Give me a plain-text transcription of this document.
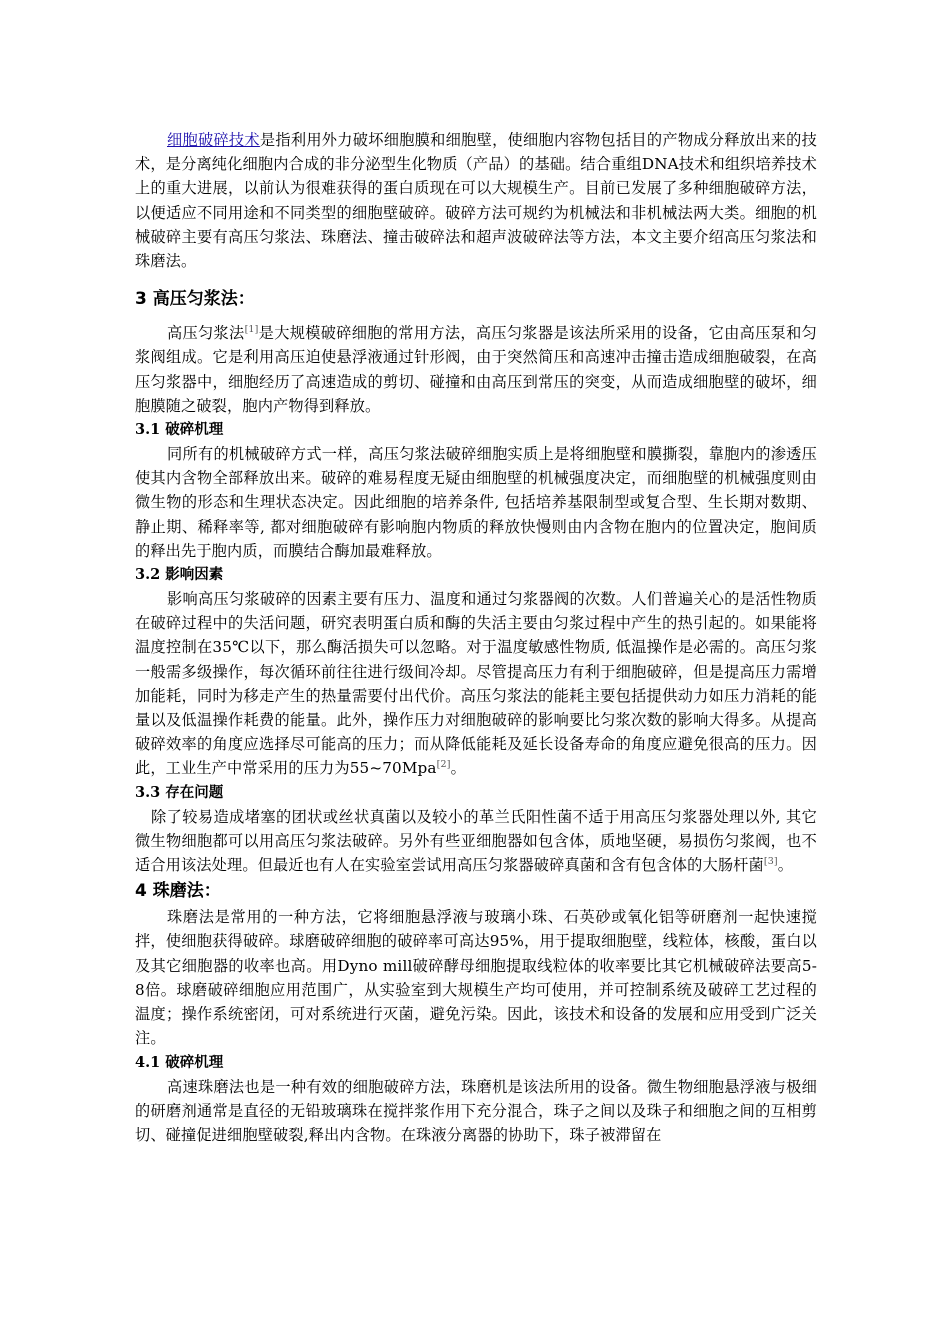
细胞破碎技术是指利用外力破坏细胞膜和细胞壁，使细胞内容物包括目的产物成分释放出来的技术，是分离纯化细胞内合成的非分泌型生化物质（产品）的基础。结合重组DNA技术和组织培养技术上的重大进展，以前认为很难获得的蛋白质现在可以大规模生产。目前已发展了多种细胞破碎方法，以便适应不同用途和不同类型的细胞壁破碎。破碎方法可规约为机械法和非机械法两大类。细胞的机械破碎主要有高压匀浆法、珠磨法、撞击破碎法和超声波破碎法等方法，本文主要介绍高压匀浆法和珠磨法。

3 高压匀浆法：

高压匀浆法[1]是大规模破碎细胞的常用方法，高压匀浆器是该法所采用的设备，它由高压泵和匀浆阀组成。它是利用高压迫使悬浮液通过针形阀，由于突然简压和高速冲击撞击造成细胞破裂，在高压匀浆器中，细胞经历了高速造成的剪切、碰撞和由高压到常压的突变，从而造成细胞壁的破坏，细胞膜随之破裂，胞内产物得到释放。

3.1 破碎机理

同所有的机械破碎方式一样，高压匀浆法破碎细胞实质上是将细胞壁和膜撕裂，靠胞内的渗透压使其内含物全部释放出来。破碎的难易程度无疑由细胞壁的机械强度决定，而细胞壁的机械强度则由微生物的形态和生理状态决定。因此细胞的培养条件, 包括培养基限制型或复合型、生长期对数期、静止期、稀释率等, 都对细胞破碎有影响胞内物质的释放快慢则由内含物在胞内的位置决定，胞间质的释出先于胞内质，而膜结合酶加最难释放。

3.2 影响因素

影响高压匀浆破碎的因素主要有压力、温度和通过匀浆器阀的次数。人们普遍关心的是活性物质在破碎过程中的失活问题，研究表明蛋白质和酶的失活主要由匀浆过程中产生的热引起的。如果能将温度控制在35℃以下，那么酶活损失可以忽略。对于温度敏感性物质, 低温操作是必需的。高压匀浆一般需多级操作，每次循环前往往进行级间冷却。尽管提高压力有利于细胞破碎，但是提高压力需增加能耗，同时为移走产生的热量需要付出代价。高压匀浆法的能耗主要包括提供动力如压力消耗的能量以及低温操作耗费的能量。此外，操作压力对细胞破碎的影响要比匀浆次数的影响大得多。从提高破碎效率的角度应选择尽可能高的压力；而从降低能耗及延长设备寿命的角度应避免很高的压力。因此，工业生产中常采用的压力为55~70Mpa[2]。

3.3 存在问题

除了较易造成堵塞的团状或丝状真菌以及较小的革兰氏阳性菌不适于用高压匀浆器处理以外, 其它微生物细胞都可以用高压匀浆法破碎。另外有些亚细胞器如包含体，质地坚硬，易损伤匀浆阀，也不适合用该法处理。但最近也有人在实验室尝试用高压匀浆器破碎真菌和含有包含体的大肠杆菌[3]。

4 珠磨法：

珠磨法是常用的一种方法，它将细胞悬浮液与玻璃小珠、石英砂或氧化铝等研磨剂一起快速搅拌，使细胞获得破碎。球磨破碎细胞的破碎率可高达95%，用于提取细胞壁，线粒体，核酸，蛋白以及其它细胞器的收率也高。用Dyno mill破碎酵母细胞提取线粒体的收率要比其它机械破碎法要高5-8倍。球磨破碎细胞应用范围广，从实验室到大规模生产均可使用，并可控制系统及破碎工艺过程的温度；操作系统密闭，可对系统进行灭菌，避免污染。因此，该技术和设备的发展和应用受到广泛关注。

4.1 破碎机理

高速珠磨法也是一种有效的细胞破碎方法，珠磨机是该法所用的设备。微生物细胞悬浮液与极细的研磨剂通常是直径的无铅玻璃珠在搅拌浆作用下充分混合，珠子之间以及珠子和细胞之间的互相剪切、碰撞促进细胞壁破裂,释出内含物。在珠液分离器的协助下，珠子被滞留在
